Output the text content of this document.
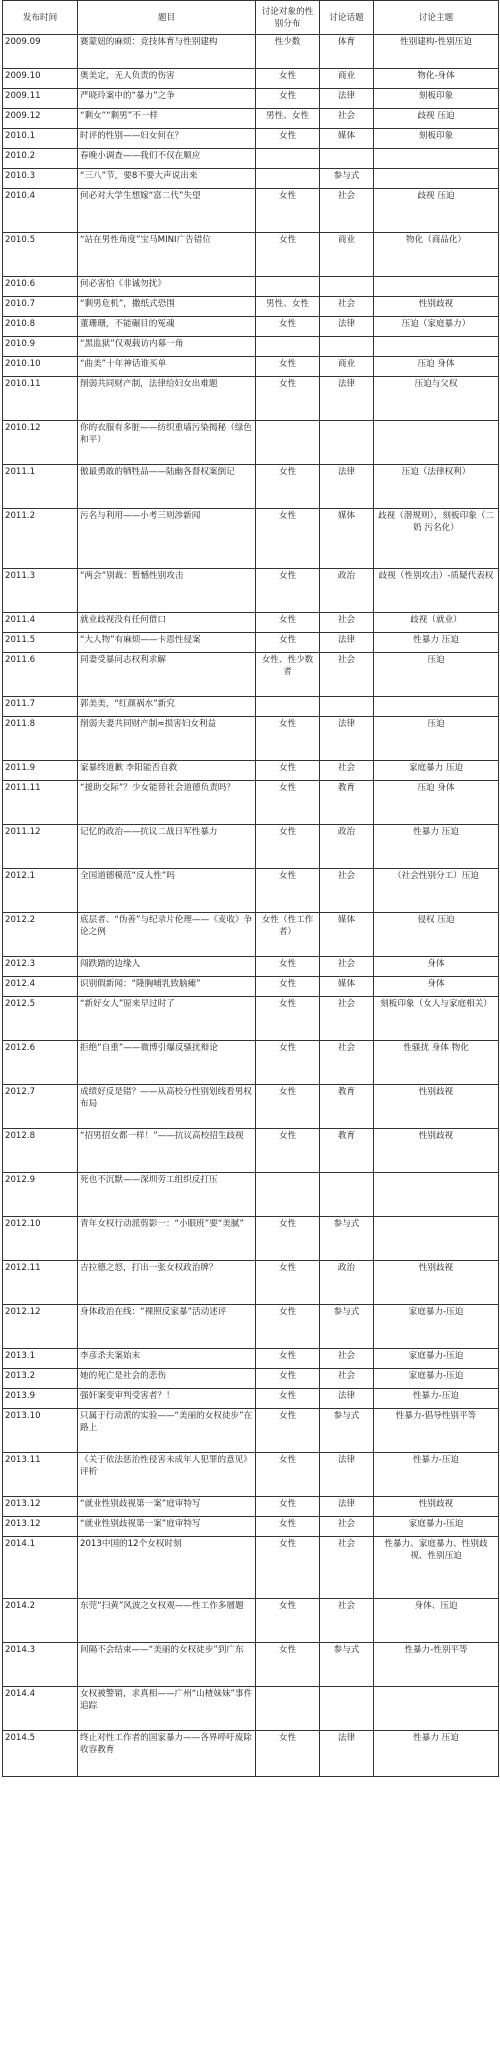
发布时间	题目	讨论对象的性别分布	讨论话题	讨论主题
2009.09	赛蒙妞的麻烦：竞技体育与性别建构	性少数	体育	性别建构-性别压迫
2009.10	奥美定，无人负责的伤害	女性	商业	物化-身体
2009.11	严晓玲案中的“暴力”之争	女性	法律	刻板印象
2009.12	“剩女”“剩男”不一样	男性、女性	社会	歧视 压迫
2010.1	时评的性别——妇女何在？	女性	媒体	刻板印象
2010.2	春晚小调查——我们不仅在顺应			
2010.3	“三八”节，要8不要大声说出来		参与式	
2010.4	何必对大学生想嫁“富二代”失望	女性	社会	歧视 压迫
2010.5	“站在男性角度”宝马MINI广告错位	女性	商业	物化（商品化）
2010.6	何必害怕《非诚勿扰》			
2010.7	“剩男危机”，撒纸式恐围	男性、女性	社会	性别歧视
2010.8	董珊珊，不能碾目的冤魂	女性	法律	压迫（家庭暴力）
2010.9	“黑监狱”仅观载访内幕一角			
2010.10	“曲美”十年神话谁买单	女性	商业	压迫 身体
2010.11	削弱共同财产制，法律给妇女出难题	女性	法律	压迫与父权
2010.12	你的衣服有多脏——纺织重墙污染揭秘（绿色和平）			
2011.1	傲最勇敢的牺牲品——陆幽各督权案倒记	女性	法律	压迫（法律权利）
2011.2	污名与利用——小考三则涉新闻	女性	媒体	歧视（潜规则），刻板印象（二奶 污名化）
2011.3	“两会”别裁：暂憾性别攻击	女性	政治	歧视（性别攻击）-质疑代表权
2011.4	就业歧视没有任何借口	女性	社会	歧视（就业）
2011.5	“大人物”有麻烦——卡恩性侵案	女性	法律	性暴力 压迫
2011.6	同妻受暴问志权利求解	女性、性少数者	社会	压迫
2011.7	郭美美，“红颜祸水”新究			
2011.8	削弱夫妻共同财产制≈损害妇女利益	女性	法律	压迫
2011.9	家暴终道歉 李阳能否自救	女性	社会	家庭暴力 压迫
2011.11	“援助交际”？少女能替社会道德负责吗？	女性	教育	压迫 身体
2011.12	记忆的政治——抗议二战日军性暴力	女性	政治	性暴力 压迫
2012.1	全国道德模范“反人性”吗	女性	社会	（社会性别分工）压迫
2012.2	底层者、“伪善”与纪录片伦理——《麦收》争论之例	女性（性工作者）	媒体	侵权 压迫
2012.3	闯跌踏的边缘人	女性	社会	身体
2012.4	识别假新闻：“隆胸哺乳致脑瘫”	女性	媒体	身体
2012.5	“新好女人”原来早过时了	女性	社会	刻板印象（女人与家庭相关）
2012.6	拒绝“自重”——微博引爆反骚扰辩论	女性	社会	性骚扰 身体 物化
2012.7	成绩好反是错？——从高校分性别划线看男权布局	女性	教育	性别歧视
2012.8	“招男招女都一样！”——抗议高校招生歧视	女性	教育	性别歧视
2012.9	死也不沉默——深圳劳工组织反打压			
2012.10	青年女权行动派剪影一：“小眼班”要“美腻”	女性	参与式	
2012.11	吉拉德之怒，打出一张女权政治牌？	女性	政治	性别歧视
2012.12	身体政治在线：“裸照反家暴”活动述评	女性	参与式	家庭暴力-压迫
2013.1	李彦杀夫案始末	女性	社会	家庭暴力-压迫
2013.2	她的死亡是社会的悲伤	女性	社会	家庭暴力-压迫
2013.9	强奸案变审判受害者？！	女性	法律	性暴力-压迫
2013.10	只属于行动派的实验——“美丽的女权徒步”在路上	女性	参与式	性暴力-倡导性别平等
2013.11	《关于依法惩治性侵害未成年人犯罪的意见》评析	女性	法律	性暴力-压迫
2013.12	“就业性别歧视第一案”庭审特写	女性	法律	性别歧视
2013.12	“就业性别歧视第一案”庭审特写	女性	社会	家庭暴力-压迫
2014.1	2013中国的12个女权时刻	女性	社会	性暴力、家庭暴力、性别歧视、性别压迫
2014.2	东莞“扫黄”风波之女权观——性工作多層題	女性	社会	身体、压迫
2014.3	间隔不会结束——“美丽的女权徒步”到广东	女性	参与式	性暴力-性别平等
2014.4	女权被警销，求真相——广州“山楂妹妹”事件追踪			
2014.5	终止对性工作者的国家暴力——各界呼吁废除收容教育	女性	法律	性暴力 压迫
